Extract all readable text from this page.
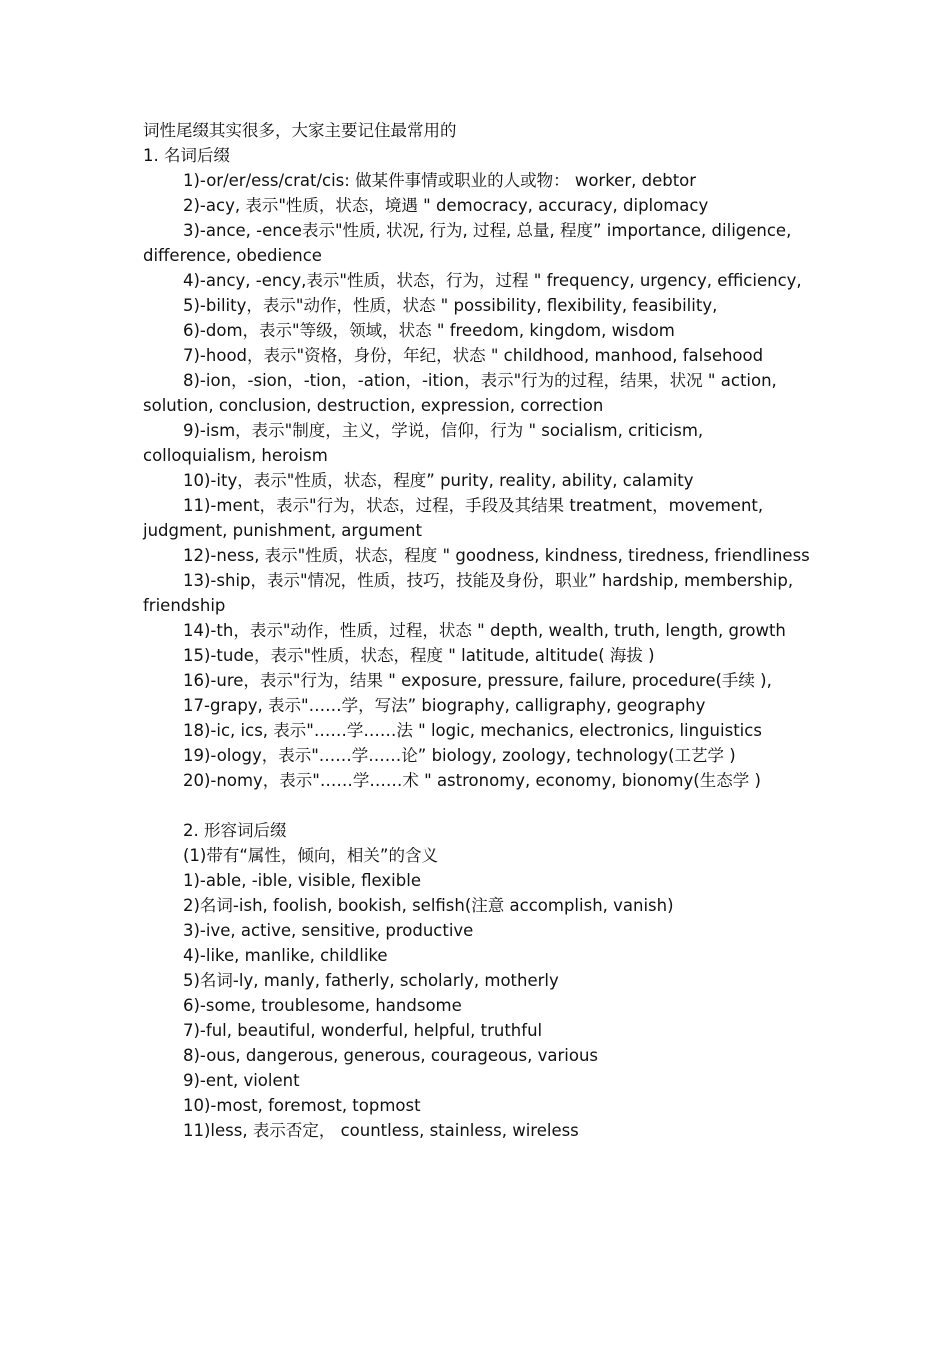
词性尾缀其实很多，大家主要记住最常用的

1. 名词后缀

1)-or/er/ess/crat/cis: 做某件事情或职业的人或物： worker, debtor

2)-acy, 表示"性质，状态，境遇 " democracy, accuracy, diplomacy

3)-ance, -ence表示"性质, 状况, 行为, 过程, 总量, 程度” importance, diligence, difference, obedience

4)-ancy, -ency,表示"性质，状态，行为，过程 " frequency, urgency, efficiency,

5)-bility，表示"动作，性质，状态 " possibility, flexibility, feasibility,

6)-dom，表示"等级，领域，状态 " freedom, kingdom, wisdom

7)-hood，表示"资格，身份，年纪，状态 " childhood, manhood, falsehood

8)-ion，-sion，-tion，-ation，-ition，表示"行为的过程，结果，状况 " action, solution, conclusion, destruction, expression, correction

9)-ism，表示"制度，主义，学说，信仰，行为 " socialism, criticism, colloquialism, heroism

10)-ity，表示"性质，状态，程度” purity, reality, ability, calamity

11)-ment，表示"行为，状态，过程，手段及其结果 treatment，movement, judgment, punishment, argument

12)-ness, 表示"性质，状态，程度 " goodness, kindness, tiredness, friendliness

13)-ship，表示"情况，性质，技巧，技能及身份，职业” hardship, membership, friendship

14)-th，表示"动作，性质，过程，状态 " depth, wealth, truth, length, growth

15)-tude，表示"性质，状态，程度 " latitude, altitude( 海拔 )

16)-ure，表示"行为，结果 " exposure, pressure, failure, procedure(手续 ),

17-grapy, 表示"……学，写法” biography, calligraphy, geography

18)-ic, ics, 表示"……学……法 " logic, mechanics, electronics, linguistics

19)-ology，表示"……学……论” biology, zoology, technology(工艺学 )

20)-nomy，表示"……学……术 " astronomy, economy, bionomy(生态学 )

2. 形容词后缀

(1)带有“属性，倾向，相关”的含义

1)-able, -ible, visible, flexible

2)名词-ish, foolish, bookish, selfish(注意 accomplish, vanish)

3)-ive, active, sensitive, productive

4)-like, manlike, childlike

5)名词-ly, manly, fatherly, scholarly, motherly

6)-some, troublesome, handsome

7)-ful, beautiful, wonderful, helpful, truthful

8)-ous, dangerous, generous, courageous, various

9)-ent, violent

10)-most, foremost, topmost

11)less, 表示否定， countless, stainless, wireless
